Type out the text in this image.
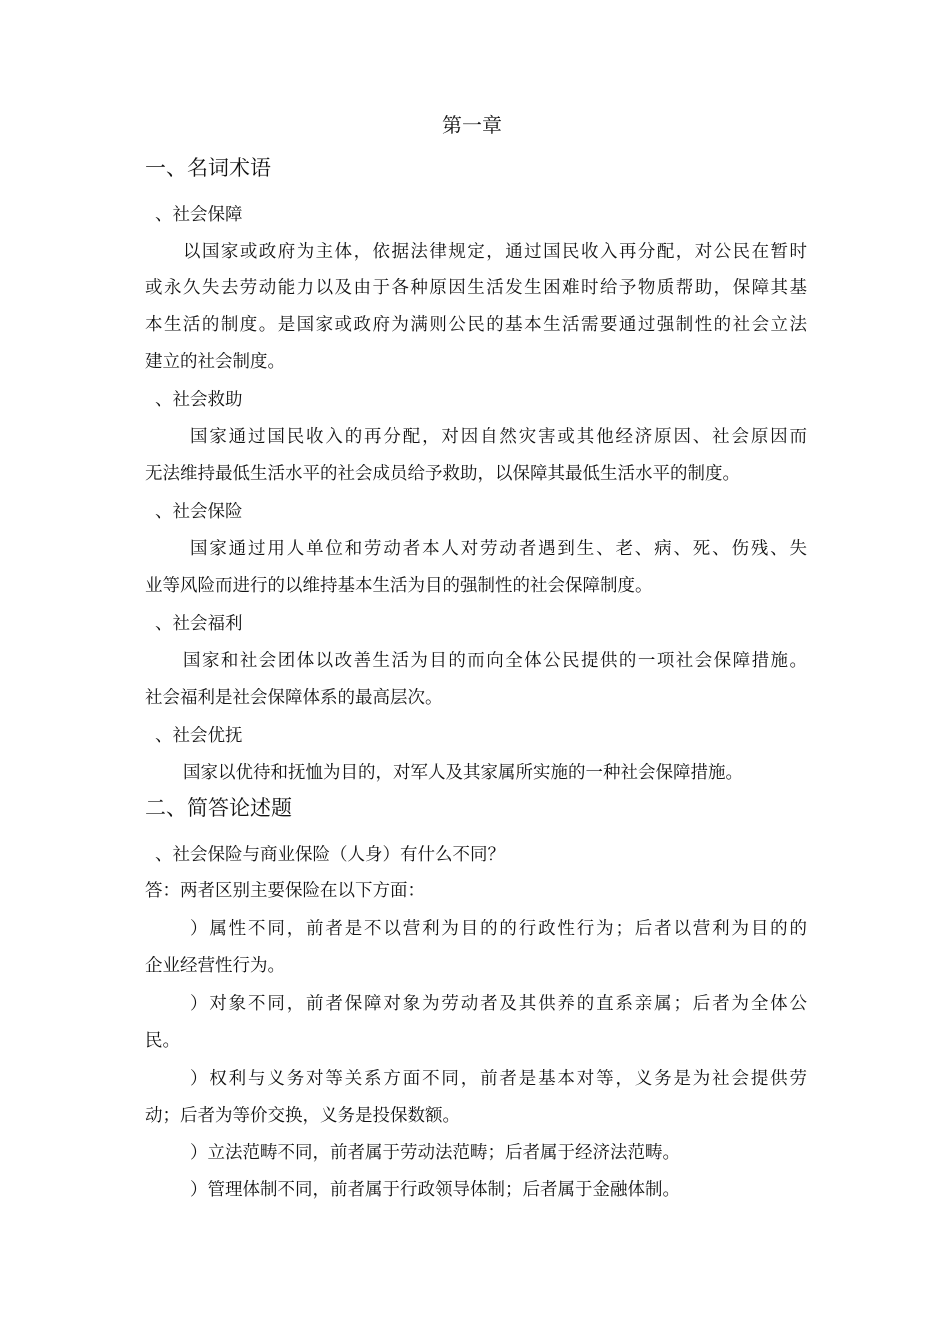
第一章
一、名词术语
、社会保障
以国家或政府为主体，依据法律规定，通过国民收入再分配，对公民在暂时
或永久失去劳动能力以及由于各种原因生活发生困难时给予物质帮助，保障其基
本生活的制度。是国家或政府为满则公民的基本生活需要通过强制性的社会立法
建立的社会制度。
、社会救助
国家通过国民收入的再分配，对因自然灾害或其他经济原因、社会原因而
无法维持最低生活水平的社会成员给予救助，以保障其最低生活水平的制度。
、社会保险
国家通过用人单位和劳动者本人对劳动者遇到生、老、病、死、伤残、失
业等风险而进行的以维持基本生活为目的强制性的社会保障制度。
、社会福利
国家和社会团体以改善生活为目的而向全体公民提供的一项社会保障措施。
社会福利是社会保障体系的最高层次。
、社会优抚
国家以优待和抚恤为目的，对军人及其家属所实施的一种社会保障措施。
二、简答论述题
、社会保险与商业保险（人身）有什么不同？
答：两者区别主要保险在以下方面：
）属性不同，前者是不以营利为目的的行政性行为；后者以营利为目的的
企业经营性行为。
）对象不同，前者保障对象为劳动者及其供养的直系亲属；后者为全体公
民。
）权利与义务对等关系方面不同，前者是基本对等，义务是为社会提供劳
动；后者为等价交换，义务是投保数额。
）立法范畴不同，前者属于劳动法范畴；后者属于经济法范畴。
）管理体制不同，前者属于行政领导体制；后者属于金融体制。
